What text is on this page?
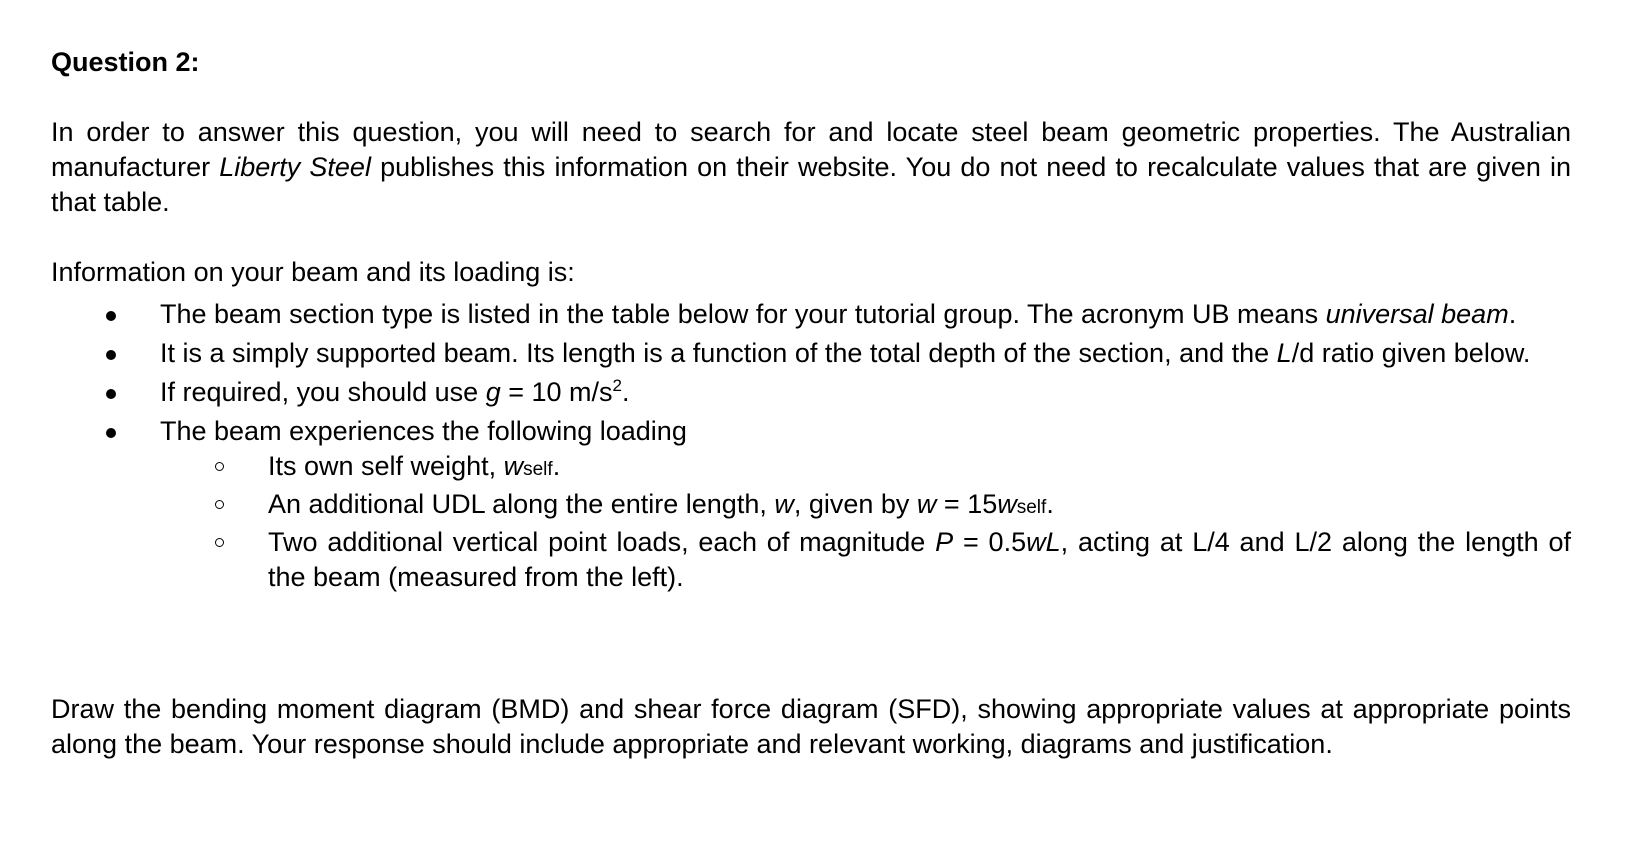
Question 2:

In order to answer this question, you will need to search for and locate steel beam geometric properties. The Australian manufacturer Liberty Steel publishes this information on their website. You do not need to recalculate values that are given in that table.

Information on your beam and its loading is:

The beam section type is listed in the table below for your tutorial group. The acronym UB means universal beam.
It is a simply supported beam. Its length is a function of the total depth of the section, and the L/d ratio given below.
If required, you should use g = 10 $m/s^2$.
The beam experiences the following loading
Its own self weight, wself.
An additional UDL along the entire length, w, given by w = 15wself.
Two additional vertical point loads, each of magnitude P = 0.5wL, acting at L/4 and L/2 along the length of the beam (measured from the left).

Draw the bending moment diagram (BMD) and shear force diagram (SFD), showing appropriate values at appropriate points along the beam. Your response should include appropriate and relevant working, diagrams and justification.
